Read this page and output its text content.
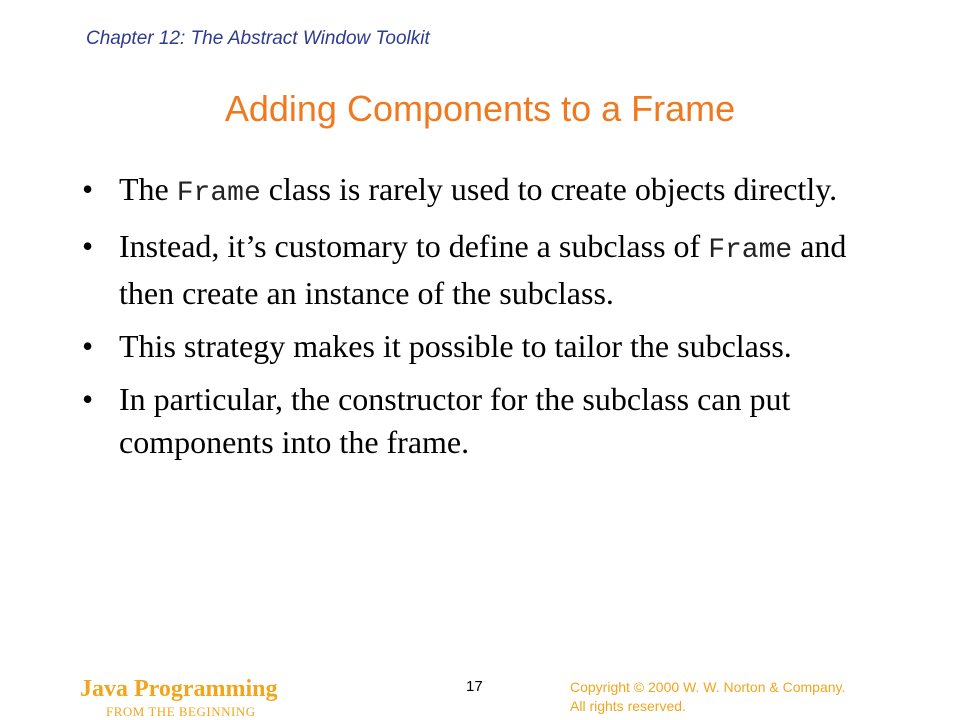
Chapter 12: The Abstract Window Toolkit
Adding Components to a Frame
• The Frame class is rarely used to create objects directly.
• Instead, it’s customary to define a subclass of Frame and then create an instance of the subclass.
• This strategy makes it possible to tailor the subclass.
• In particular, the constructor for the subclass can put components into the frame.
Java Programming
FROM THE BEGINNING
17	Copyright © 2000 W. W. Norton & Company.
All rights reserved.
